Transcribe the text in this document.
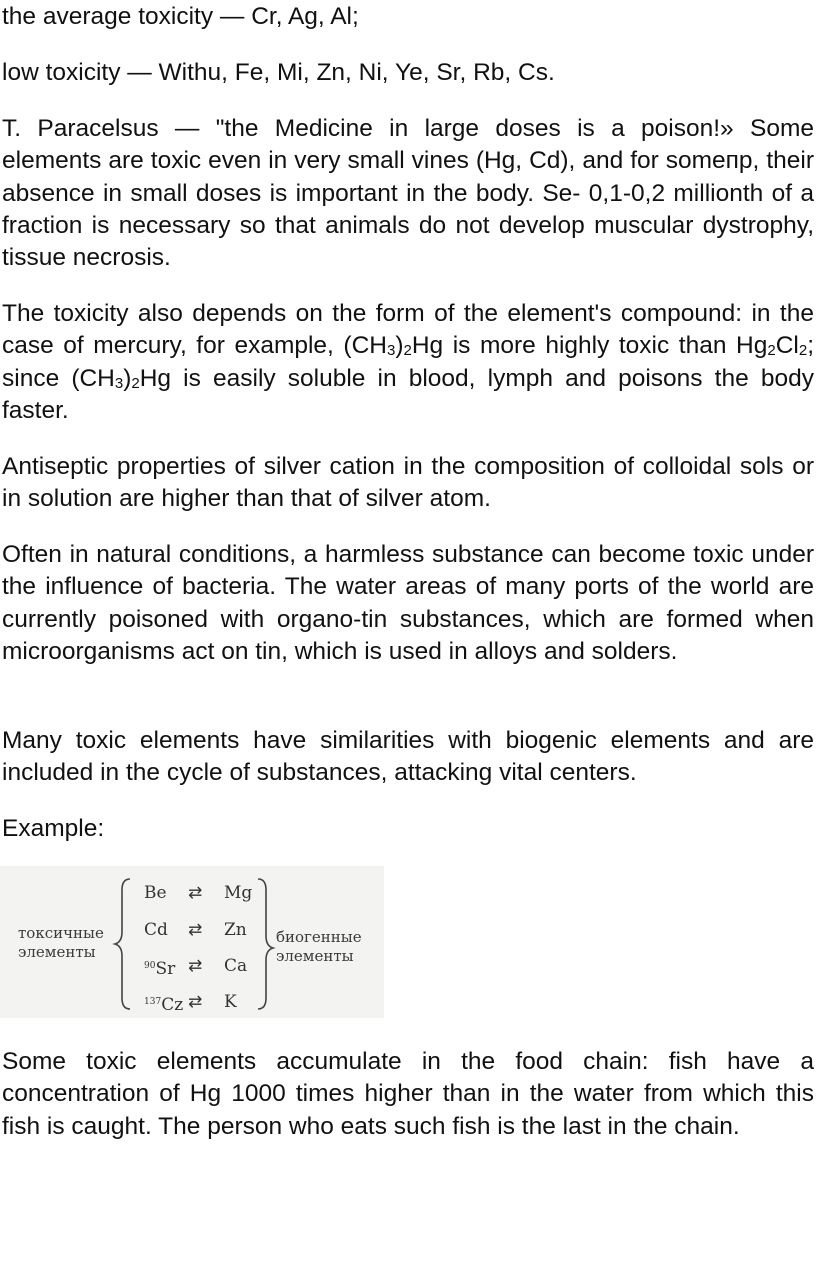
the average toxicity — Cr, Ag, Al;

low toxicity — Withu, Fe, Mi, Zn, Ni, Ye, Sr, Rb, Cs.

T. Paracelsus — "the Medicine in large doses is a poison!» Some elements are toxic even in very small vines (Hg, Cd), and for someпр, their absence in small doses is important in the body. Se- 0,1-0,2 millionth of a fraction is necessary so that animals do not develop muscular dystrophy, tissue necrosis.

The toxicity also depends on the form of the element's compound: in the case of mercury, for example, $(CH_3)_2Hg$ is more highly toxic than $Hg_2Cl_2$; since $(CH_3)_2Hg$ is easily soluble in blood, lymph and poisons the body faster.

Antiseptic properties of silver cation in the composition of colloidal sols or in solution are higher than that of silver atom.

Often in natural conditions, a harmless substance can become toxic under the influence of bacteria. The water areas of many ports of the world are currently poisoned with organo-tin substances, which are formed when microorganisms act on tin, which is used in alloys and solders.

Many toxic elements have similarities with biogenic elements and are included in the cycle of substances, attacking vital centers.

Example:

токсичные элементы
Be ⇄ Mg
Cd ⇄ Zn
$^{90}$Sr ⇄ Ca
$^{137}$Cz ⇄ K
биогенные элементы

Some toxic elements accumulate in the food chain: fish have a concentration of Hg 1000 times higher than in the water from which this fish is caught. The person who eats such fish is the last in the chain.
